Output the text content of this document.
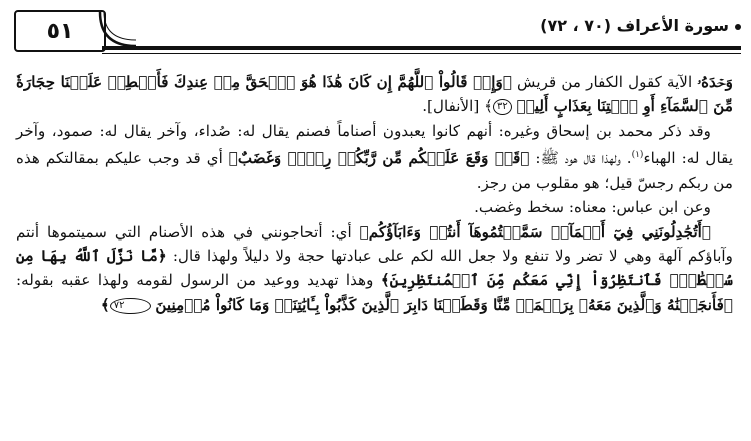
٥١	سورة الأعراف (٧٠ ، ٧٢)

وَحۡدَهُۥ الآية كقول الكفار من قريش ﴿وَإِذۡ قَالُواْ ٱللَّهُمَّ إِن كَانَ هَٰذَا هُوَ ٱلۡحَقَّ مِنۡ عِندِكَ فَأَمۡطِرۡ عَلَيۡنَا حِجَارَةٗ مِّنَ ٱلسَّمَآءِ أَوِ ٱئۡتِنَا بِعَذَابٍ أَلِيمٖ ٣٢﴾ [الأنفال].

وقد ذكر محمد بن إسحاق وغيره: أنهم كانوا يعبدون أصناماً فصنم يقال له: صُداء، وآخر يقال له: صمود، وآخر يقال له: الهباء$^{(١)}$. ولهذا قال هود ﷺ: ﴿قَدۡ وَقَعَ عَلَيۡكُم مِّن رَّبِّكُمۡ رِجۡسٞ وَغَضَبٌ﴾ أي قد وجب عليكم بمقالتكم هذه من ربكم رجسّ قيل؛ هو مقلوب من رجز.

وعن ابن عباس: معناه: سخط وغضب.

﴿أَتُجَٰدِلُونَنِي فِيٓ أَسۡمَآءٖ سَمَّيۡتُمُوهَآ أَنتُمۡ وَءَابَآؤُكُم﴾ أي: أتحاجونني في هذه الأصنام التي سميتموها أنتم وآباؤكم آلهة وهي لا تضر ولا تنفع ولا جعل الله لكم على عبادتها حجة ولا دليلاً ولهذا قال: ﴿مَّا نَزَّلَ ٱللَّهُ بِهَا مِن سُلۡطَٰنٖۚ فَٱنتَظِرُوٓاْ إِنِّي مَعَكُم مِّنَ ٱلۡمُنتَظِرِينَ﴾ وهذا تهديد ووعيد من الرسول لقومه ولهذا عقبه بقوله: ﴿فَأَنجَيۡنَٰهُ وَٱلَّذِينَ مَعَهُۥ بِرَحۡمَةٖ مِّنَّا وَقَطَعۡنَا دَابِرَ ٱلَّذِينَ كَذَّبُواْ بِـَٔايَٰتِنَاۖ وَمَا كَانُواْ مُؤۡمِنِينَ ٧٢﴾
